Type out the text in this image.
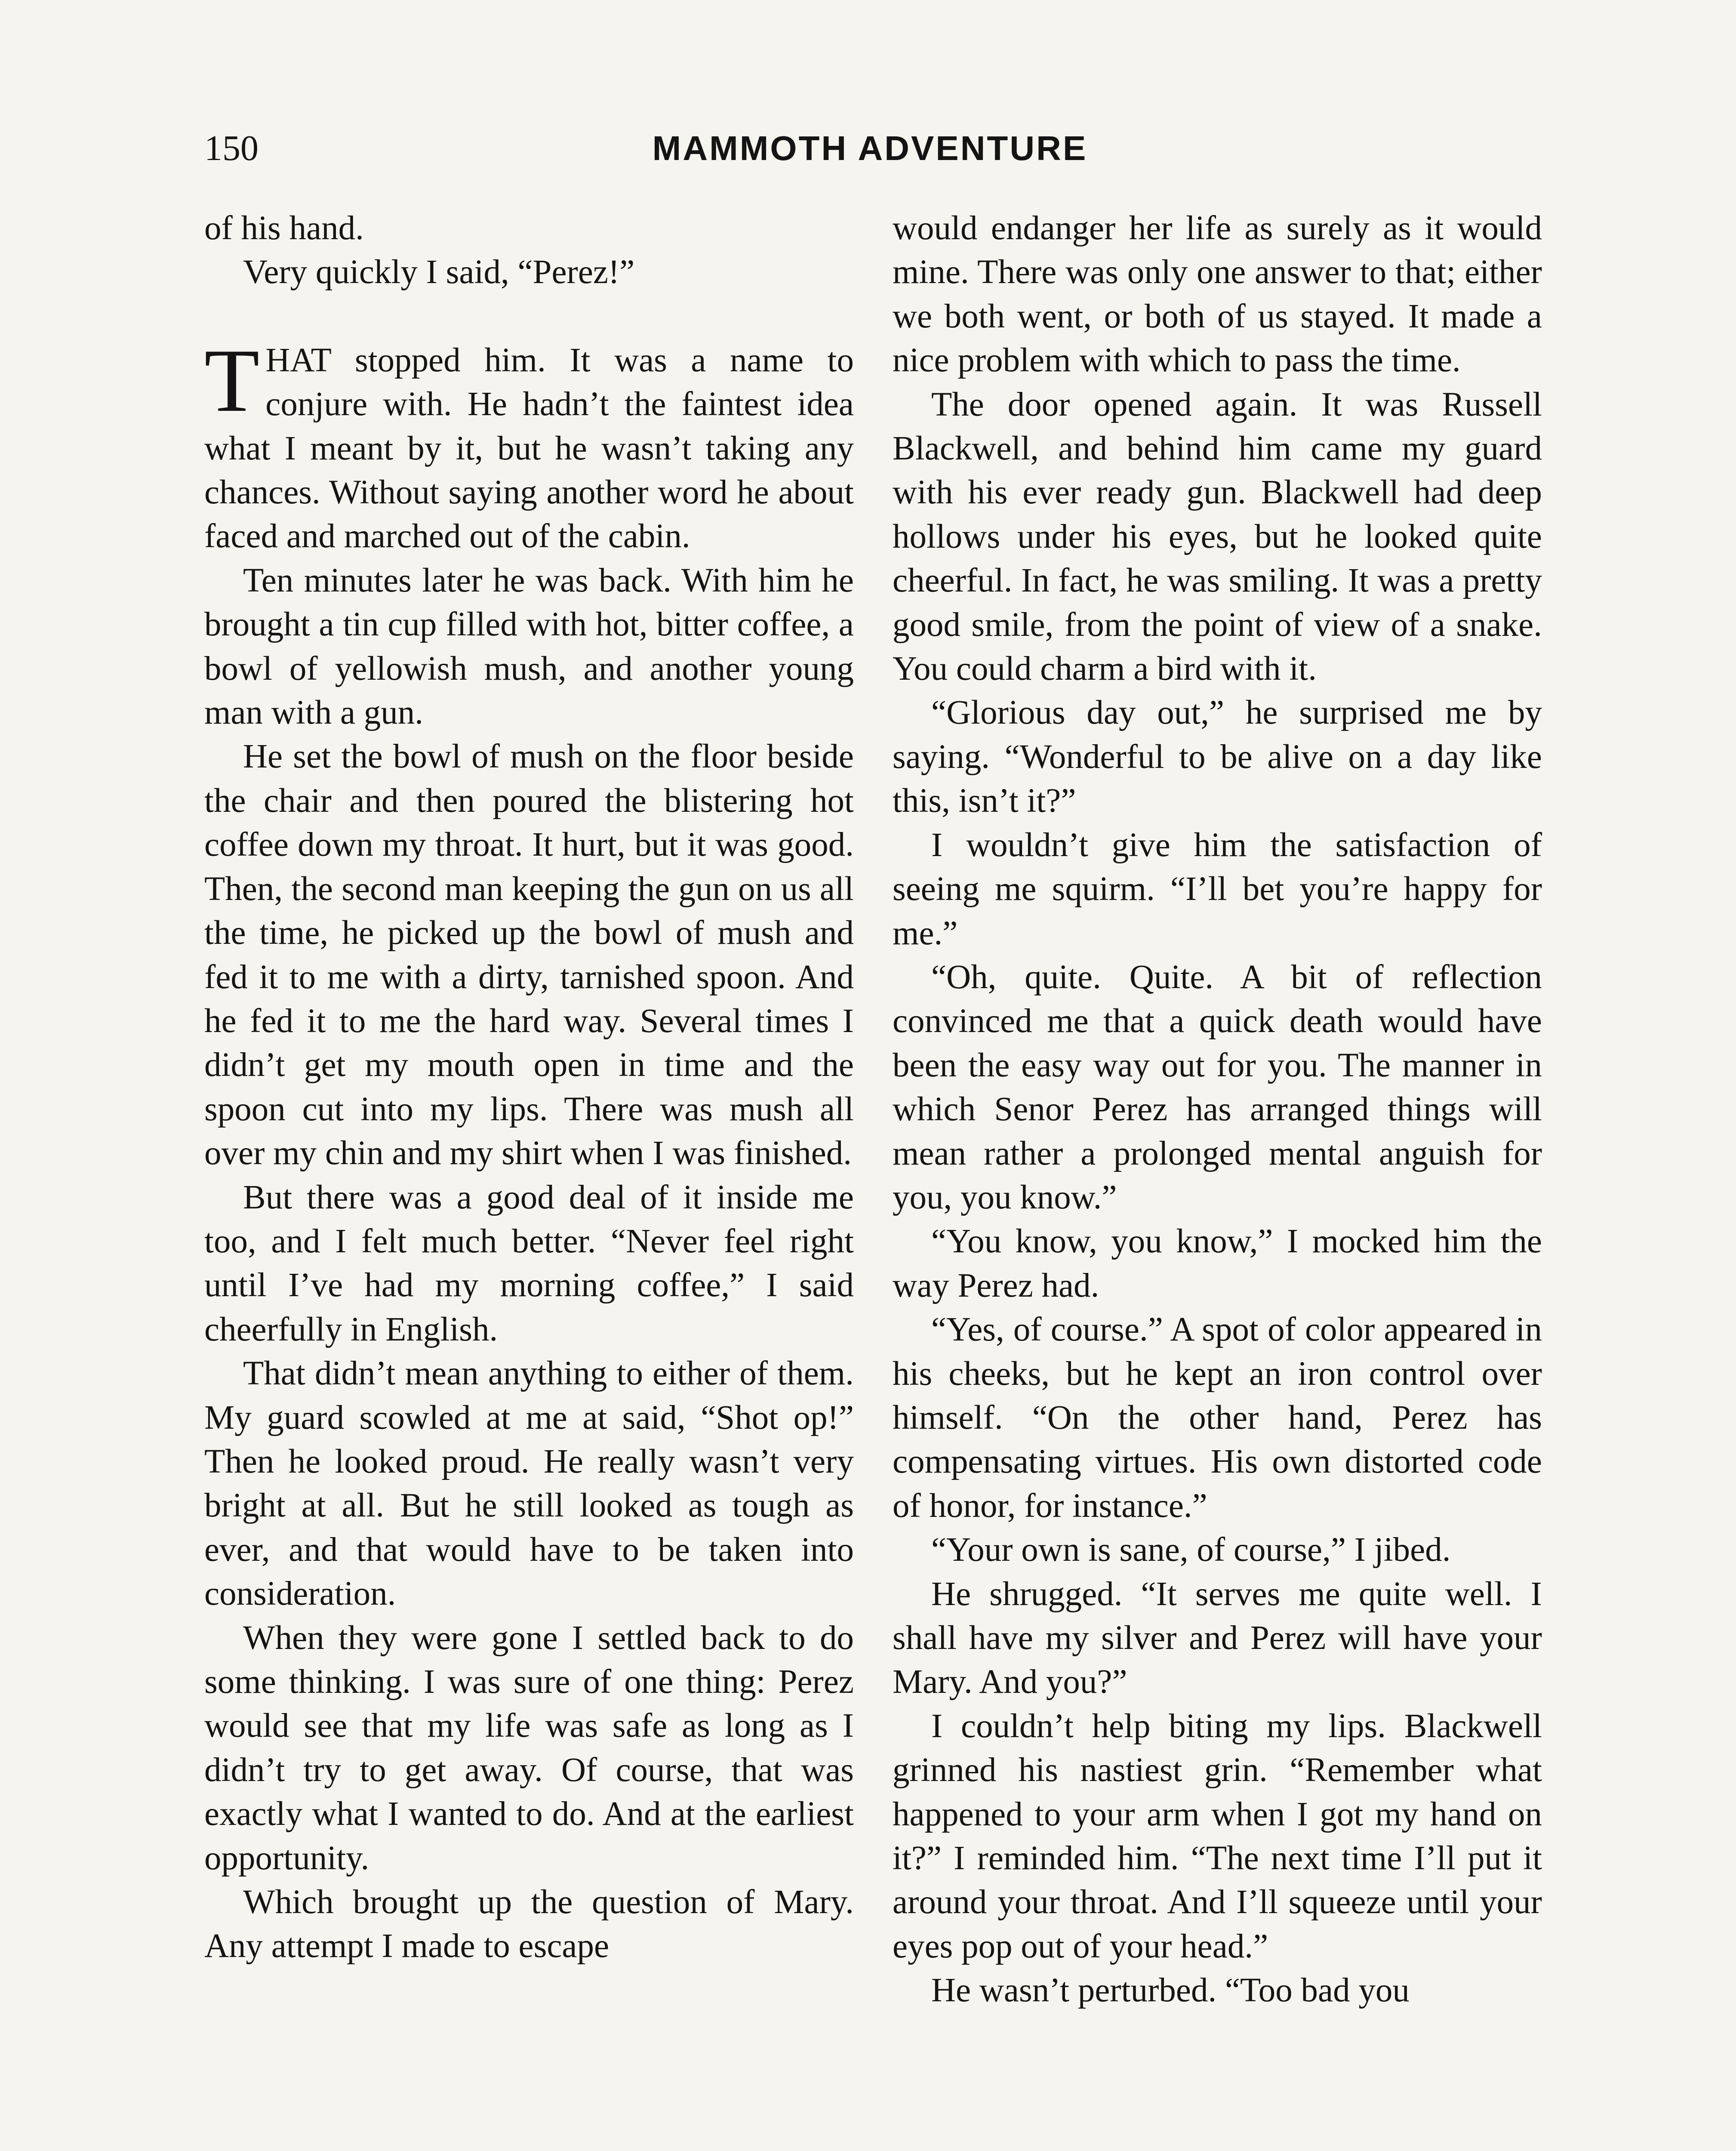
150	MAMMOTH ADVENTURE

of his hand.

Very quickly I said, “Perez!”

THAT stopped him. It was a name to conjure with. He hadn’t the faintest idea what I meant by it, but he wasn’t taking any chances. Without saying another word he about faced and marched out of the cabin.

Ten minutes later he was back. With him he brought a tin cup filled with hot, bitter coffee, a bowl of yellowish mush, and another young man with a gun.

He set the bowl of mush on the floor beside the chair and then poured the blistering hot coffee down my throat. It hurt, but it was good. Then, the second man keeping the gun on us all the time, he picked up the bowl of mush and fed it to me with a dirty, tarnished spoon. And he fed it to me the hard way. Several times I didn’t get my mouth open in time and the spoon cut into my lips. There was mush all over my chin and my shirt when I was finished.

But there was a good deal of it inside me too, and I felt much better. “Never feel right until I’ve had my morning coffee,” I said cheerfully in English.

That didn’t mean anything to either of them. My guard scowled at me at said, “Shot op!” Then he looked proud. He really wasn’t very bright at all. But he still looked as tough as ever, and that would have to be taken into consideration.

When they were gone I settled back to do some thinking. I was sure of one thing: Perez would see that my life was safe as long as I didn’t try to get away. Of course, that was exactly what I wanted to do. And at the earliest opportunity.

Which brought up the question of Mary. Any attempt I made to escape

would endanger her life as surely as it would mine. There was only one answer to that; either we both went, or both of us stayed. It made a nice problem with which to pass the time.

The door opened again. It was Russell Blackwell, and behind him came my guard with his ever ready gun. Blackwell had deep hollows under his eyes, but he looked quite cheerful. In fact, he was smiling. It was a pretty good smile, from the point of view of a snake. You could charm a bird with it.

“Glorious day out,” he surprised me by saying. “Wonderful to be alive on a day like this, isn’t it?”

I wouldn’t give him the satisfaction of seeing me squirm. “I’ll bet you’re happy for me.”

“Oh, quite. Quite. A bit of reflection convinced me that a quick death would have been the easy way out for you. The manner in which Senor Perez has arranged things will mean rather a prolonged mental anguish for you, you know.”

“You know, you know,” I mocked him the way Perez had.

“Yes, of course.” A spot of color appeared in his cheeks, but he kept an iron control over himself. “On the other hand, Perez has compensating virtues. His own distorted code of honor, for instance.”

“Your own is sane, of course,” I jibed.

He shrugged. “It serves me quite well. I shall have my silver and Perez will have your Mary. And you?”

I couldn’t help biting my lips. Blackwell grinned his nastiest grin. “Remember what happened to your arm when I got my hand on it?” I reminded him. “The next time I’ll put it around your throat. And I’ll squeeze until your eyes pop out of your head.”

He wasn’t perturbed. “Too bad you
